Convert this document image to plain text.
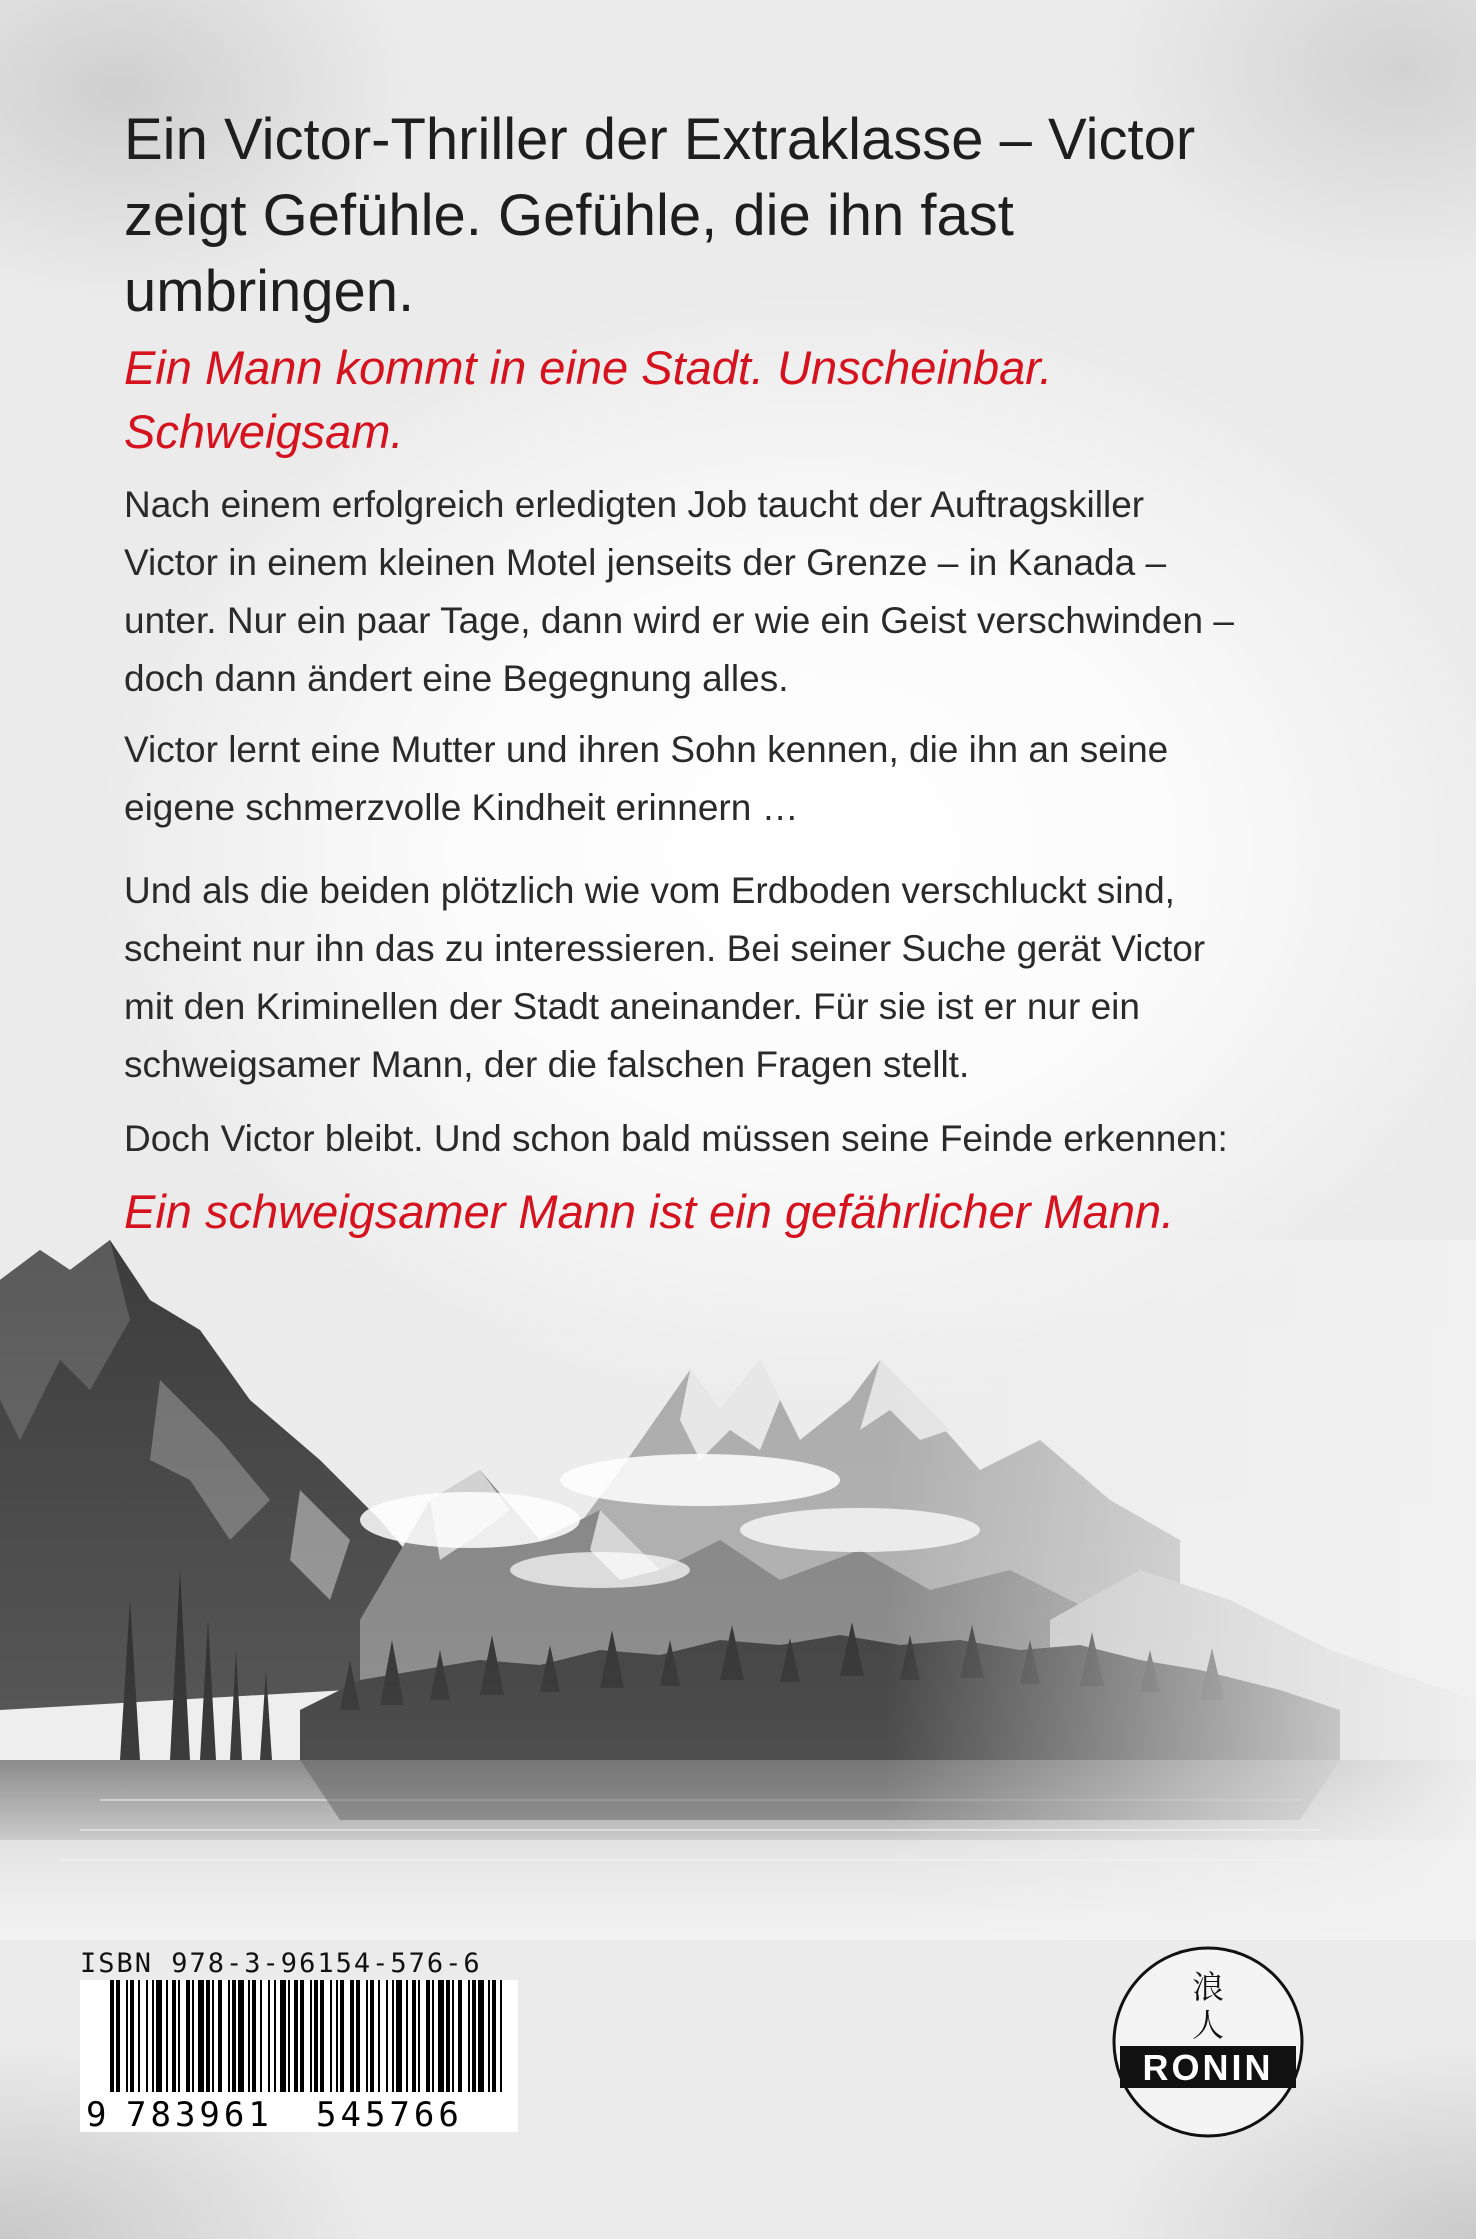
Ein Victor-Thriller der Extraklasse – Victor zeigt Gefühle. Gefühle, die ihn fast umbringen.

Ein Mann kommt in eine Stadt. Unscheinbar. Schweigsam.

Nach einem erfolgreich erledigten Job taucht der Auftragskiller Victor in einem kleinen Motel jenseits der Grenze – in Kanada – unter. Nur ein paar Tage, dann wird er wie ein Geist verschwinden – doch dann ändert eine Begegnung alles.

Victor lernt eine Mutter und ihren Sohn kennen, die ihn an seine eigene schmerzvolle Kindheit erinnern …

Und als die beiden plötzlich wie vom Erdboden verschluckt sind, scheint nur ihn das zu interessieren. Bei seiner Suche gerät Victor mit den Kriminellen der Stadt aneinander. Für sie ist er nur ein schweigsamer Mann, der die falschen Fragen stellt.

Doch Victor bleibt. Und schon bald müssen seine Feinde erkennen:

Ein schweigsamer Mann ist ein gefährlicher Mann.

ISBN 978-3-96154-576-6
9 783961 545766
浪
人
RONIN
